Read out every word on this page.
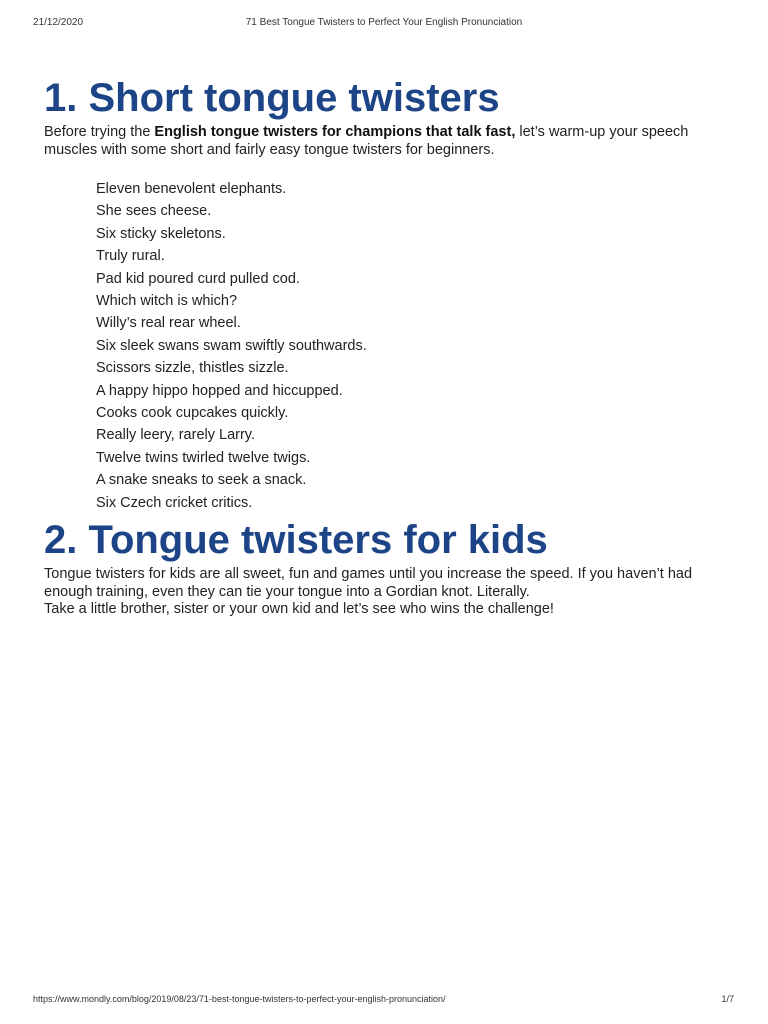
21/12/2020	71 Best Tongue Twisters to Perfect Your English Pronunciation
1. Short tongue twisters

Before trying the English tongue twisters for champions that talk fast, let’s warm-up your speech muscles with some short and fairly easy tongue twisters for beginners.

Eleven benevolent elephants.
She sees cheese.
Six sticky skeletons.
Truly rural.
Pad kid poured curd pulled cod.
Which witch is which?
Willy’s real rear wheel.
Six sleek swans swam swiftly southwards.
Scissors sizzle, thistles sizzle.
A happy hippo hopped and hiccupped.
Cooks cook cupcakes quickly.
Really leery, rarely Larry.
Twelve twins twirled twelve twigs.
A snake sneaks to seek a snack.
Six Czech cricket critics.
2. Tongue twisters for kids

Tongue twisters for kids are all sweet, fun and games until you increase the speed. If you haven’t had enough training, even they can tie your tongue into a Gordian knot. Literally.

Take a little brother, sister or your own kid and let’s see who wins the challenge!

https://www.mondly.com/blog/2019/08/23/71-best-tongue-twisters-to-perfect-your-english-pronunciation/	1/7
